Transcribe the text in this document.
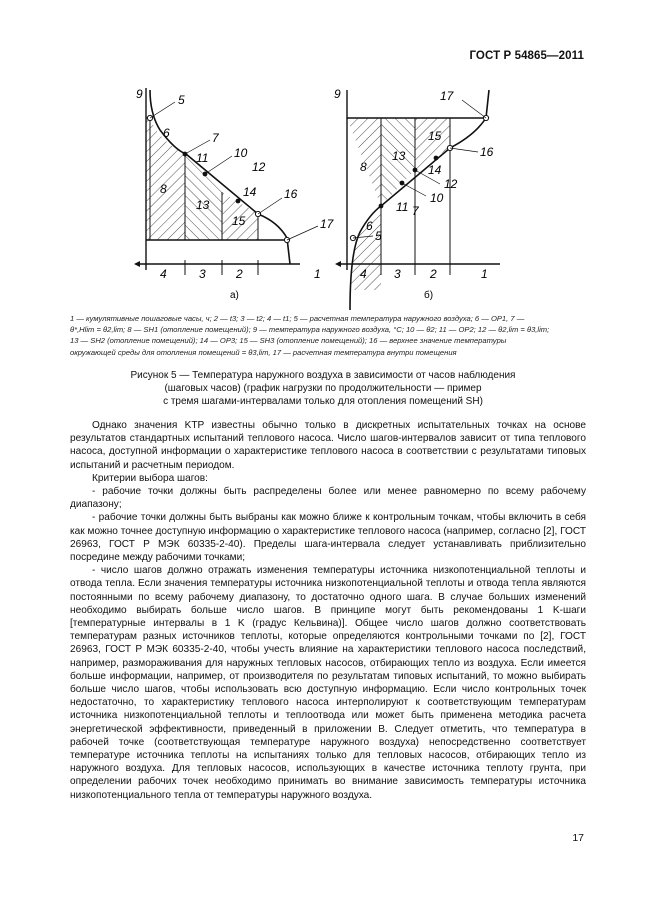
ГОСТ Р 54865—2011
9	5
6	7
11 10
12
8
13
14 16
15	17
4	3	2	1
а)
9	17
15
16
8
13
14
12
10
11 7
6
5
4 3 2	1
б)
1 — кумулятивные пошаговые часы, ч; 2 — t3; 3 — t2; 4 — t1; 5 — расчетная температура наружного воздуха; 6 — OP1, 7 —
θ*,Hlim = θ2,lim; 8 — SH1 (отопление помещений); 9 — температура наружного воздуха, °С; 10 — θ2; 11 — OP2; 12 — θ2,lim = θ3,lim;
13 — SH2 (отопление помещений); 14 — OP3; 15 — SH3 (отопление помещений); 16 — верхнее значение температуры
окружающей среды для отопления помещений = θ3,lim, 17 — расчетная температура внутри помещения
Рисунок 5 — Температура наружного воздуха в зависимости от часов наблюдения
(шаговых часов) (график нагрузки по продолжительности — пример
с тремя шагами-интервалами только для отопления помещений SH)

Однако значения KTP известны обычно только в дискретных испытательных точках на основе результатов стандартных испытаний теплового насоса. Число шагов-интервалов зависит от типа теплового насоса, доступной информации о характеристике теплового насоса в соответствии с результатами типовых испытаний и расчетным периодом.

Критерии выбора шагов:

- рабочие точки должны быть распределены более или менее равномерно по всему рабочему диапазону;

- рабочие точки должны быть выбраны как можно ближе к контрольным точкам, чтобы включить в себя как можно точнее доступную информацию о характеристике теплового насоса (например, согласно [2], ГОСТ 26963, ГОСТ Р МЭК 60335-2-40). Пределы шага-интервала следует устанавливать приблизительно посредине между рабочими точками;

- число шагов должно отражать изменения температуры источника низкопотенциальной теплоты и отвода тепла. Если значения температуры источника низкопотенциальной теплоты и отвода тепла являются постоянными по всему рабочему диапазону, то достаточно одного шага. В случае больших изменений необходимо выбирать больше число шагов. В принципе могут быть рекомендованы 1 K-шаги [температурные интервалы в 1 K (градус Кельвина)]. Общее число шагов должно соответствовать температурам разных источников теплоты, которые определяются контрольными точками по [2], ГОСТ 26963, ГОСТ Р МЭК 60335-2-40, чтобы учесть влияние на характеристики теплового насоса последствий, например, размораживания для наружных тепловых насосов, отбирающих тепло из воздуха. Если имеется больше информации, например, от производителя по результатам типовых испытаний, то можно выбирать больше число шагов, чтобы использовать всю доступную информацию. Если число контрольных точек недостаточно, то характеристику теплового насоса интерполируют к соответствующим температурам источника низкопотенциальной теплоты и теплоотвода или может быть применена методика расчета энергетической эффективности, приведенный в приложении В. Следует отметить, что температура в рабочей точке (соответствующая температуре наружного воздуха) непосредственно соответствует температуре источника теплоты на испытаниях только для тепловых насосов, отбирающих тепло из наружного воздуха. Для тепловых насосов, использующих в качестве источника теплоту грунта, при определении рабочих точек необходимо принимать во внимание зависимость температуры источника низкопотенциального тепла от температуры наружного воздуха.

17
